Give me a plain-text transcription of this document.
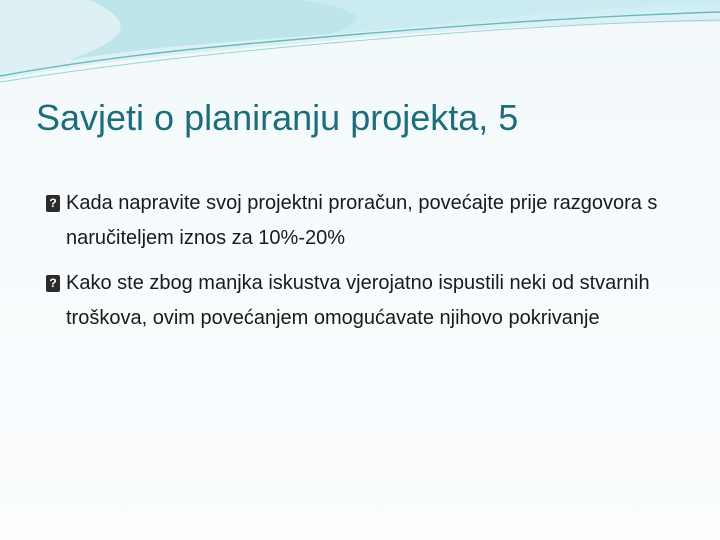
Savjeti o planiranju projekta, 5
?
Kada napravite svoj projektni proračun, povećajte prije razgovora s naručiteljem iznos za 10%-20%
?
Kako ste zbog manjka iskustva vjerojatno ispustili neki od stvarnih troškova, ovim povećanjem omogućavate njihovo pokrivanje
